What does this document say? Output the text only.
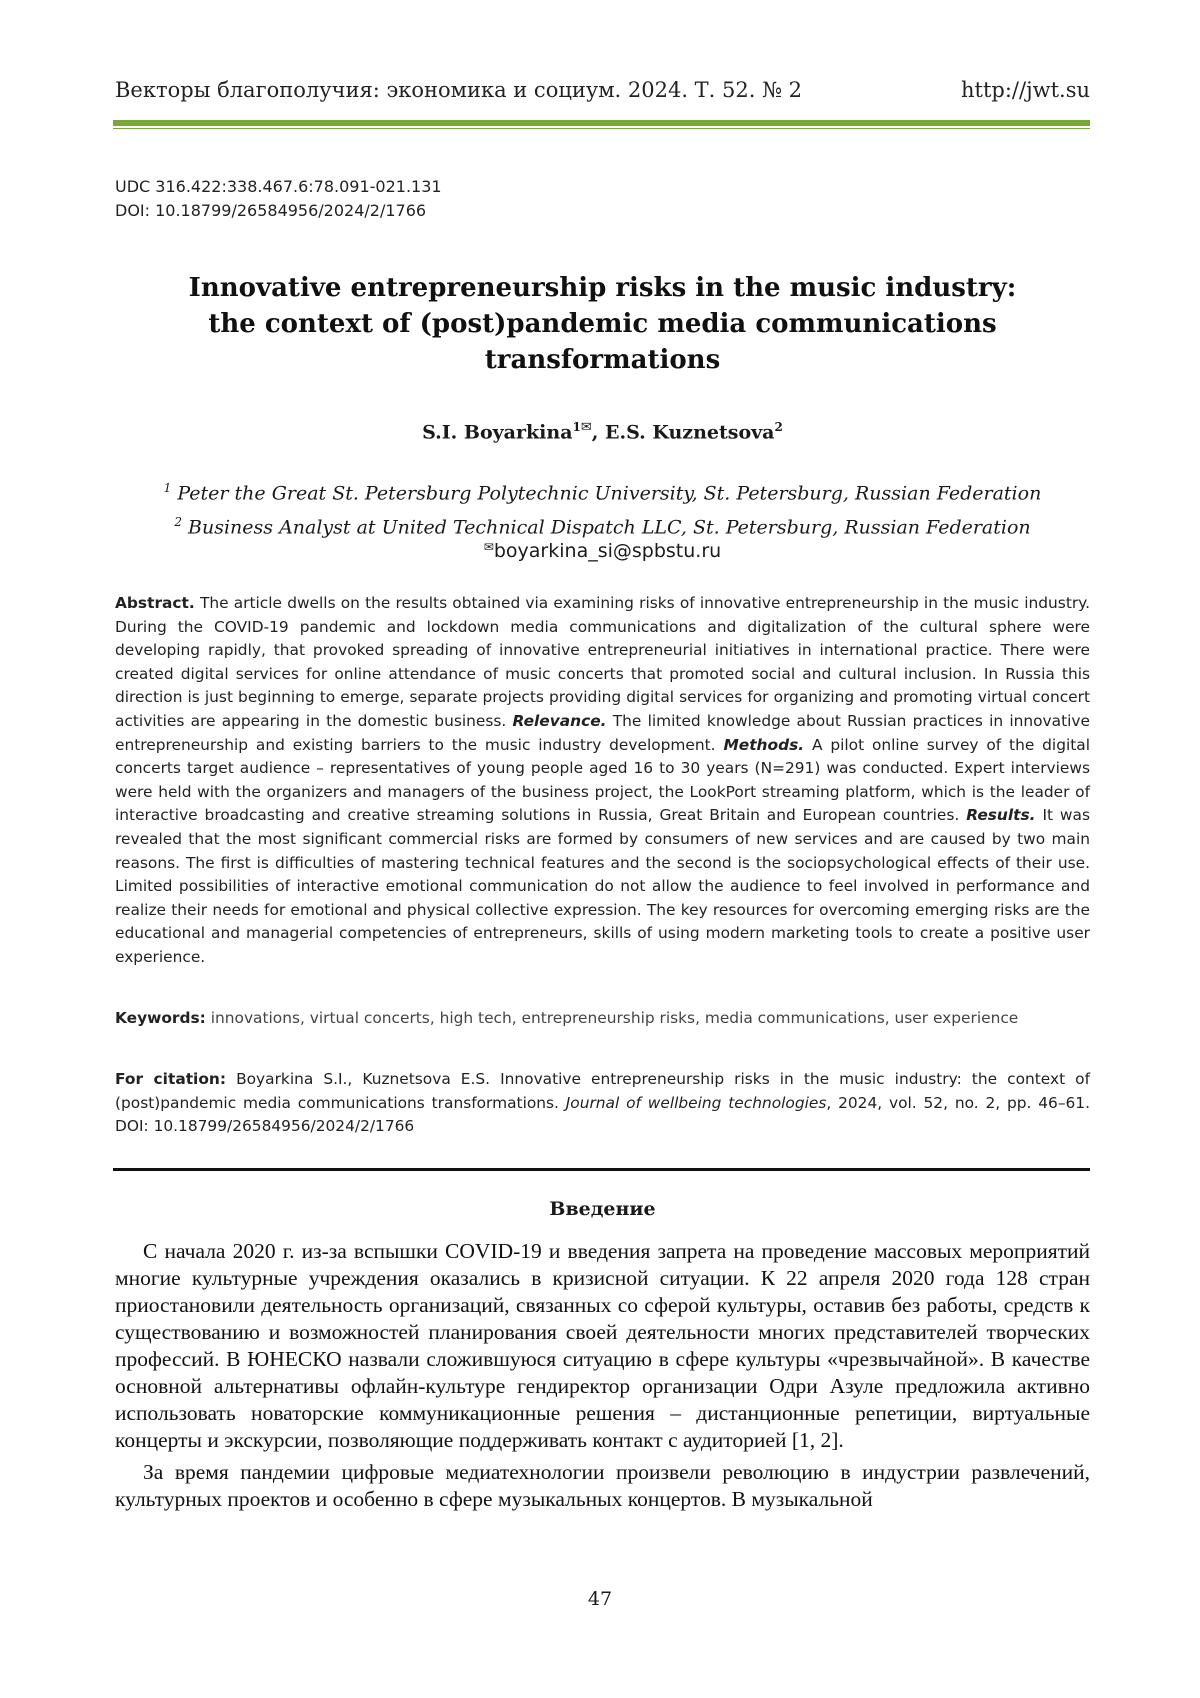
Векторы благополучия: экономика и социум. 2024. Т. 52. № 2	http://jwt.su
UDC 316.422:338.467.6:78.091-021.131
DOI: 10.18799/26584956/2024/2/1766
Innovative entrepreneurship risks in the music industry:
the context of (post)pandemic media communications
transformations
S.I. Boyarkina1✉, E.S. Kuznetsova2
1 Peter the Great St. Petersburg Polytechnic University, St. Petersburg, Russian Federation
2 Business Analyst at United Technical Dispatch LLC, St. Petersburg, Russian Federation
✉boyarkina_si@spbstu.ru
Abstract. The article dwells on the results obtained via examining risks of innovative entrepreneurship in the music industry. During the COVID-19 pandemic and lockdown media communications and digitalization of the cultural sphere were developing rapidly, that provoked spreading of innovative entrepreneurial initiatives in international practice. There were created digital services for online attendance of music concerts that promoted social and cultural inclusion. In Russia this direction is just beginning to emerge, separate projects providing digital services for organizing and promoting virtual concert activities are appearing in the domestic business. Relevance. The limited knowledge about Russian practices in innovative entrepreneurship and existing barriers to the music industry development. Methods. A pilot online survey of the digital concerts target audience – representatives of young people aged 16 to 30 years (N=291) was conducted. Expert interviews were held with the organizers and managers of the business project, the LookPort streaming platform, which is the leader of interactive broadcasting and creative streaming solutions in Russia, Great Britain and European countries. Results. It was revealed that the most significant commercial risks are formed by consumers of new services and are caused by two main reasons. The first is difficulties of mastering technical features and the second is the sociopsychological effects of their use. Limited possibilities of interactive emotional communication do not allow the audience to feel involved in performance and realize their needs for emotional and physical collective expression. The key resources for overcoming emerging risks are the educational and managerial competencies of entrepreneurs, skills of using modern marketing tools to create a positive user experience.
Keywords: innovations, virtual concerts, high tech, entrepreneurship risks, media communications, user experience
For citation: Boyarkina S.I., Kuznetsova E.S. Innovative entrepreneurship risks in the music industry: the context of (post)pandemic media communications transformations. Journal of wellbeing technologies, 2024, vol. 52, no. 2, pp. 46–61. DOI: 10.18799/26584956/2024/2/1766
Введение

С начала 2020 г. из-за вспышки COVID-19 и введения запрета на проведение массовых мероприятий многие культурные учреждения оказались в кризисной ситуации. К 22 апреля 2020 года 128 стран приостановили деятельность организаций, связанных со сферой культуры, оставив без работы, средств к существованию и возможностей планирования своей деятельности многих представителей творческих профессий. В ЮНЕСКО назвали сложившуюся ситуацию в сфере культуры «чрезвычайной». В качестве основной альтернативы офлайн-культуре гендиректор организации Одри Азуле предложила активно использовать новаторские коммуникационные решения – дистанционные репетиции, виртуальные концерты и экскурсии, позволяющие поддерживать контакт с аудиторией [1, 2].

За время пандемии цифровые медиатехнологии произвели революцию в индустрии развлечений, культурных проектов и особенно в сфере музыкальных концертов. В музыкальной

47
